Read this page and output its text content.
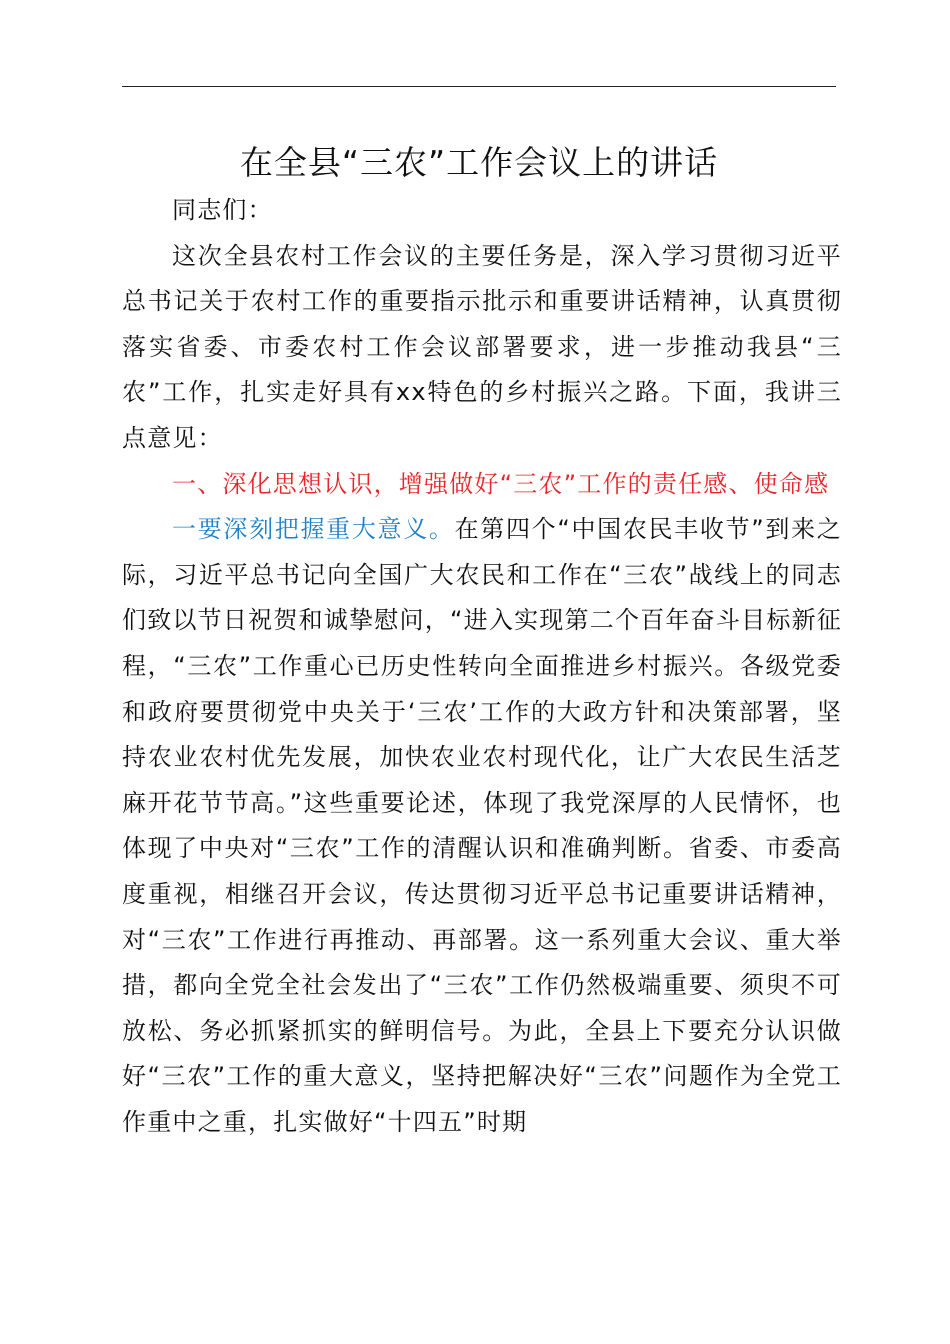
在全县“三农”工作会议上的讲话

同志们：

这次全县农村工作会议的主要任务是，深入学习贯彻习近平总书记关于农村工作的重要指示批示和重要讲话精神，认真贯彻落实省委、市委农村工作会议部署要求，进一步推动我县“三农”工作，扎实走好具有xx特色的乡村振兴之路。下面，我讲三点意见：

一、深化思想认识，增强做好“三农”工作的责任感、使命感

一要深刻把握重大意义。在第四个“中国农民丰收节”到来之际，习近平总书记向全国广大农民和工作在“三农”战线上的同志们致以节日祝贺和诚挚慰问，“进入实现第二个百年奋斗目标新征程，“三农”工作重心已历史性转向全面推进乡村振兴。各级党委和政府要贯彻党中央关于‘三农’工作的大政方针和决策部署，坚持农业农村优先发展，加快农业农村现代化，让广大农民生活芝麻开花节节高。”这些重要论述，体现了我党深厚的人民情怀，也体现了中央对“三农”工作的清醒认识和准确判断。省委、市委高度重视，相继召开会议，传达贯彻习近平总书记重要讲话精神，对“三农”工作进行再推动、再部署。这一系列重大会议、重大举措，都向全党全社会发出了“三农”工作仍然极端重要、须臾不可放松、务必抓紧抓实的鲜明信号。为此，全县上下要充分认识做好“三农”工作的重大意义，坚持把解决好“三农”问题作为全党工作重中之重，扎实做好“十四五”时期
